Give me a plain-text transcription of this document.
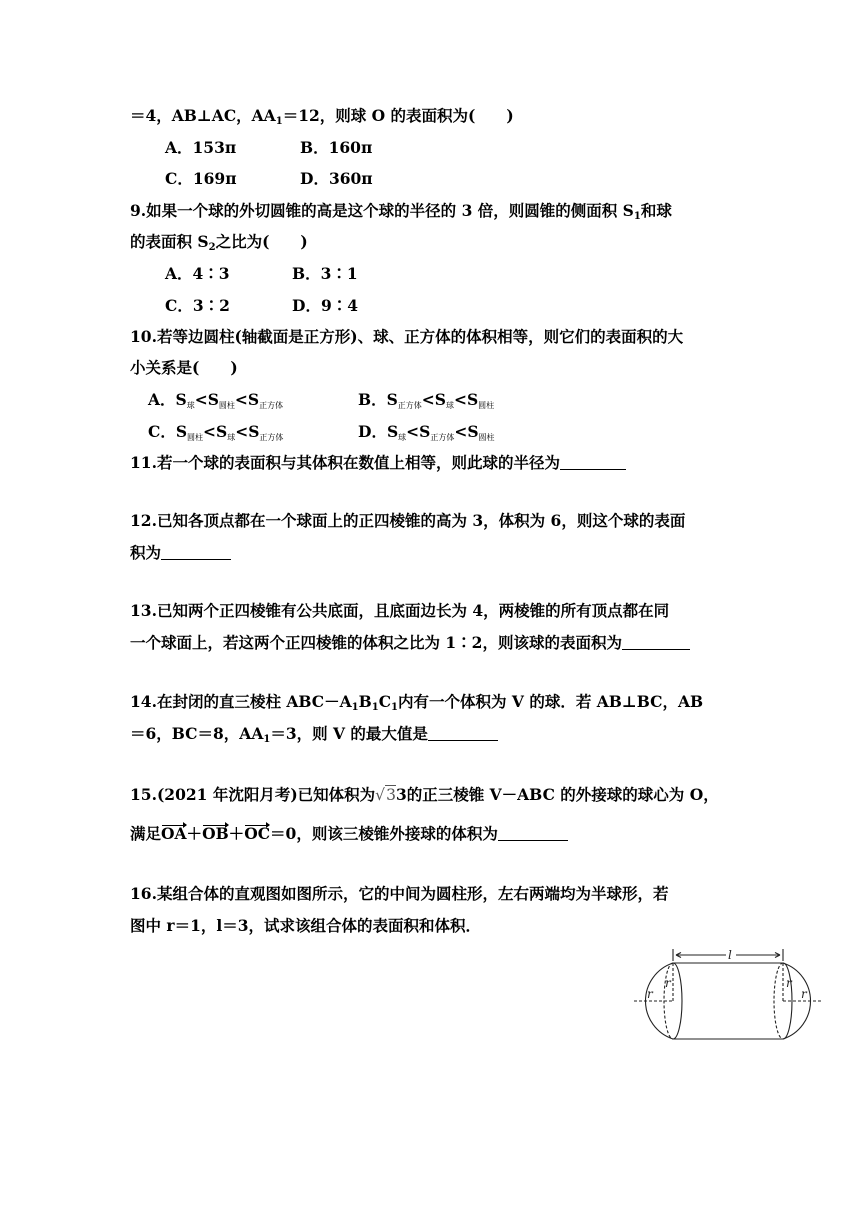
＝4，AB⊥AC，$AA_1=12$，则球 O 的表面积为(　　)
A．153π	B．160π
C．169π	D．360π
9.如果一个球的外切圆锥的高是这个球的半径的 3 倍，则圆锥的侧面积 $S_1$和球
的表面积 $S_2$之比为(　　)
A．4∶3	B．3∶1
C．3∶2	D．9∶4
10.若等边圆柱(轴截面是正方形)、球、正方体的体积相等，则它们的表面积的大
小关系是(　　)
A．S球<S圆柱<S正方体	B．S正方体<S球<S圆柱
C．S圆柱<S球<S正方体	D．S球<S正方体<S圆柱
11.若一个球的表面积与其体积在数值上相等，则此球的半径为
12.已知各顶点都在一个球面上的正四棱锥的高为 3，体积为 6，则这个球的表面
积为
13.已知两个正四棱锥有公共底面，且底面边长为 4，两棱锥的所有顶点都在同
一个球面上，若这两个正四棱锥的体积之比为 1∶2，则该球的表面积为
14.在封闭的直三棱柱 $ABC-A_1B_1C_1$内有一个体积为 V 的球．若 AB⊥BC，AB
＝6，BC＝8，$AA_1=3$，则 V 的最大值是
15.(2021 年沈阳月考)已知体积为√33的正三棱锥 V－ABC 的外接球的球心为 O，
满足OA＋OB＋OC＝0，则该三棱锥外接球的体积为
16.某组合体的直观图如图所示，它的中间为圆柱形，左右两端均为半球形，若
图中 r＝1，l＝3，试求该组合体的表面积和体积．
l
r
r	r
r
